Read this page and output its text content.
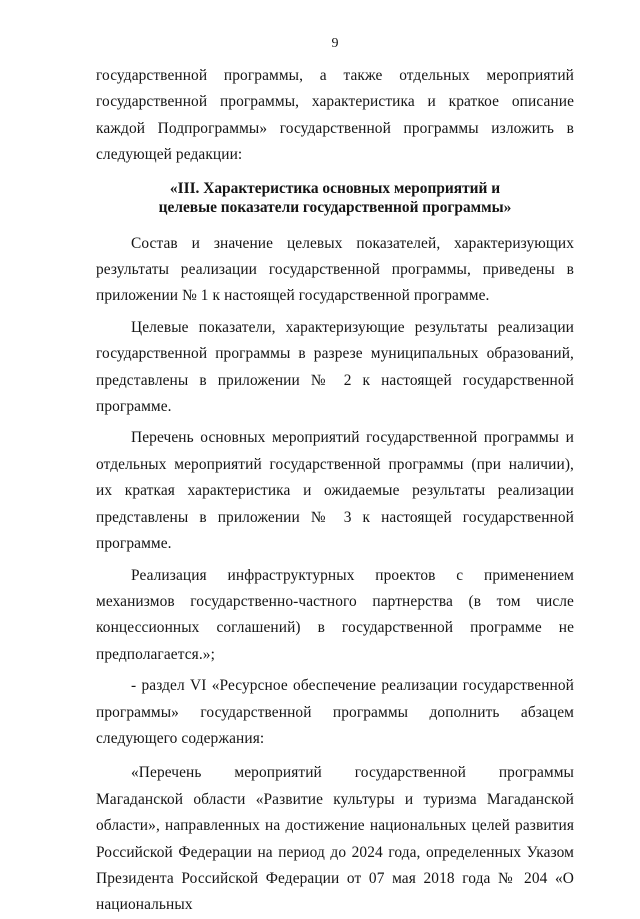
9

государственной программы, а также отдельных мероприятий государственной программы, характеристика и краткое описание каждой Подпрограммы» государственной программы изложить в следующей редакции:

«III. Характеристика основных мероприятий и
целевые показатели государственной программы»

Состав и значение целевых показателей, характеризующих результаты реализации государственной программы, приведены в приложении № 1 к настоящей государственной программе.

Целевые показатели, характеризующие результаты реализации государственной программы в разрезе муниципальных образований, представлены в приложении № 2 к настоящей государственной программе.

Перечень основных мероприятий государственной программы и отдельных мероприятий государственной программы (при наличии), их краткая характеристика и ожидаемые результаты реализации представлены в приложении № 3 к настоящей государственной программе.

Реализация инфраструктурных проектов с применением механизмов государственно-частного партнерства (в том числе концессионных соглашений) в государственной программе не предполагается.»;

- раздел VI «Ресурсное обеспечение реализации государственной программы» государственной программы дополнить абзацем следующего содержания:

«Перечень мероприятий государственной программы Магаданской области «Развитие культуры и туризма Магаданской области», направленных на достижение национальных целей развития Российской Федерации на период до 2024 года, определенных Указом Президента Российской Федерации от 07 мая 2018 года № 204 «О национальных
